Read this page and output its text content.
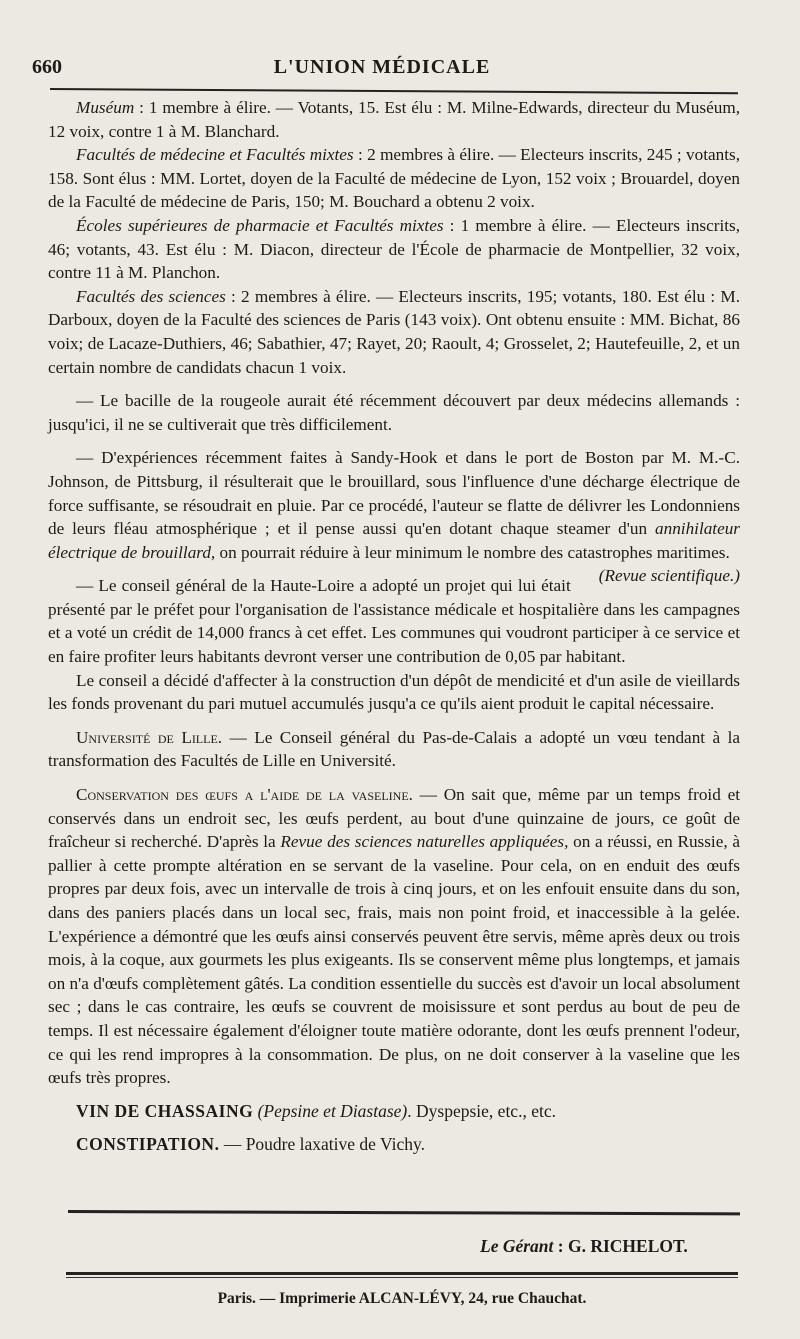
660	L'UNION MÉDICALE

Muséum : 1 membre à élire. — Votants, 15. Est élu : M. Milne-Edwards, directeur du Muséum, 12 voix, contre 1 à M. Blanchard.

Facultés de médecine et Facultés mixtes : 2 membres à élire. — Electeurs inscrits, 245 ; votants, 158. Sont élus : MM. Lortet, doyen de la Faculté de médecine de Lyon, 152 voix ; Brouardel, doyen de la Faculté de médecine de Paris, 150; M. Bouchard a obtenu 2 voix.

Écoles supérieures de pharmacie et Facultés mixtes : 1 membre à élire. — Electeurs inscrits, 46; votants, 43. Est élu : M. Diacon, directeur de l'École de pharmacie de Montpellier, 32 voix, contre 11 à M. Planchon.

Facultés des sciences : 2 membres à élire. — Electeurs inscrits, 195; votants, 180. Est élu : M. Darboux, doyen de la Faculté des sciences de Paris (143 voix). Ont obtenu ensuite : MM. Bichat, 86 voix; de Lacaze-Duthiers, 46; Sabathier, 47; Rayet, 20; Raoult, 4; Grosselet, 2; Hautefeuille, 2, et un certain nombre de candidats chacun 1 voix.

— Le bacille de la rougeole aurait été récemment découvert par deux médecins allemands : jusqu'ici, il ne se cultiverait que très difficilement.

— D'expériences récemment faites à Sandy-Hook et dans le port de Boston par M. M.-C. Johnson, de Pittsburg, il résulterait que le brouillard, sous l'influence d'une décharge électrique de force suffisante, se résoudrait en pluie. Par ce procédé, l'auteur se flatte de délivrer les Londonniens de leurs fléau atmosphérique ; et il pense aussi qu'en dotant chaque steamer d'un annihilateur électrique de brouillard, on pourrait réduire à leur minimum le nombre des catastrophes maritimes.
(Revue scientifique.)

— Le conseil général de la Haute-Loire a adopté un projet qui lui était présenté par le préfet pour l'organisation de l'assistance médicale et hospitalière dans les campagnes et a voté un crédit de 14,000 francs à cet effet. Les communes qui voudront participer à ce service et en faire profiter leurs habitants devront verser une contribution de 0,05 par habitant.

Le conseil a décidé d'affecter à la construction d'un dépôt de mendicité et d'un asile de vieillards les fonds provenant du pari mutuel accumulés jusqu'a ce qu'ils aient produit le capital nécessaire.

Université de Lille. — Le Conseil général du Pas-de-Calais a adopté un vœu tendant à la transformation des Facultés de Lille en Université.

Conservation des œufs a l'aide de la vaseline. — On sait que, même par un temps froid et conservés dans un endroit sec, les œufs perdent, au bout d'une quinzaine de jours, ce goût de fraîcheur si recherché. D'après la Revue des sciences naturelles appliquées, on a réussi, en Russie, à pallier à cette prompte altération en se servant de la vaseline. Pour cela, on en enduit des œufs propres par deux fois, avec un intervalle de trois à cinq jours, et on les enfouit ensuite dans du son, dans des paniers placés dans un local sec, frais, mais non point froid, et inaccessible à la gelée. L'expérience a démontré que les œufs ainsi conservés peuvent être servis, même après deux ou trois mois, à la coque, aux gourmets les plus exigeants. Ils se conservent même plus longtemps, et jamais on n'a d'œufs complètement gâtés. La condition essentielle du succès est d'avoir un local absolument sec ; dans le cas contraire, les œufs se couvrent de moisissure et sont perdus au bout de peu de temps. Il est nécessaire également d'éloigner toute matière odorante, dont les œufs prennent l'odeur, ce qui les rend impropres à la consommation. De plus, on ne doit conserver à la vaseline que les œufs très propres.

VIN DE CHASSAING (Pepsine et Diastase). Dyspepsie, etc., etc.

CONSTIPATION. — Poudre laxative de Vichy.

Le Gérant : G. RICHELOT.
Paris. — Imprimerie ALCAN-LÉVY, 24, rue Chauchat.
